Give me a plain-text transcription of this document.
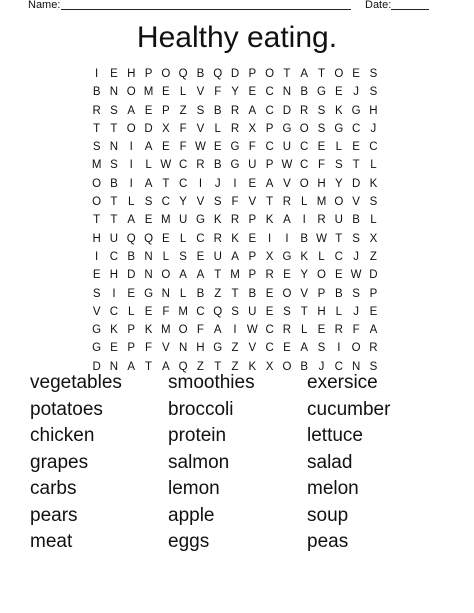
Name:	Date:
Healthy eating.
I	E H P O Q B Q D P O T A T O E S
B N O M E L V F Y E C N B G E J S
R S A E P Z S B R A C D R S K G H
T T O D X F V L R X P G O S G C J
S N	I	A E F W E G F C U C E L E C
M S	I	L W C R B G U P W C F S T L
O B	I	A T C	I	J	I	E A V O H Y D K
O T L S C Y V S F V T R L M O V S
T T A E M U G K R P K A	I	R U B L
H U Q Q E L C R K E	I	I	B W T S X
I	C B N L S E U A P X G K L C J Z
E H D N O A A T M P R E Y O E W D
S	I	E G N L B Z T B E O V P B S P
V C L E F M C Q S U E S T H L J E
G K P K M O F A	I W C R L E R F A
G E P F V N H G Z V C E A S	I O R
D N A T A Q Z T Z K X O B J C N S
vegetables smoothies	exersice
potatoes	broccoli	cucumber
chicken	protein	lettuce
grapes	salmon	salad
carbs	lemon	melon
pears	apple	soup
meat	eggs	peas
